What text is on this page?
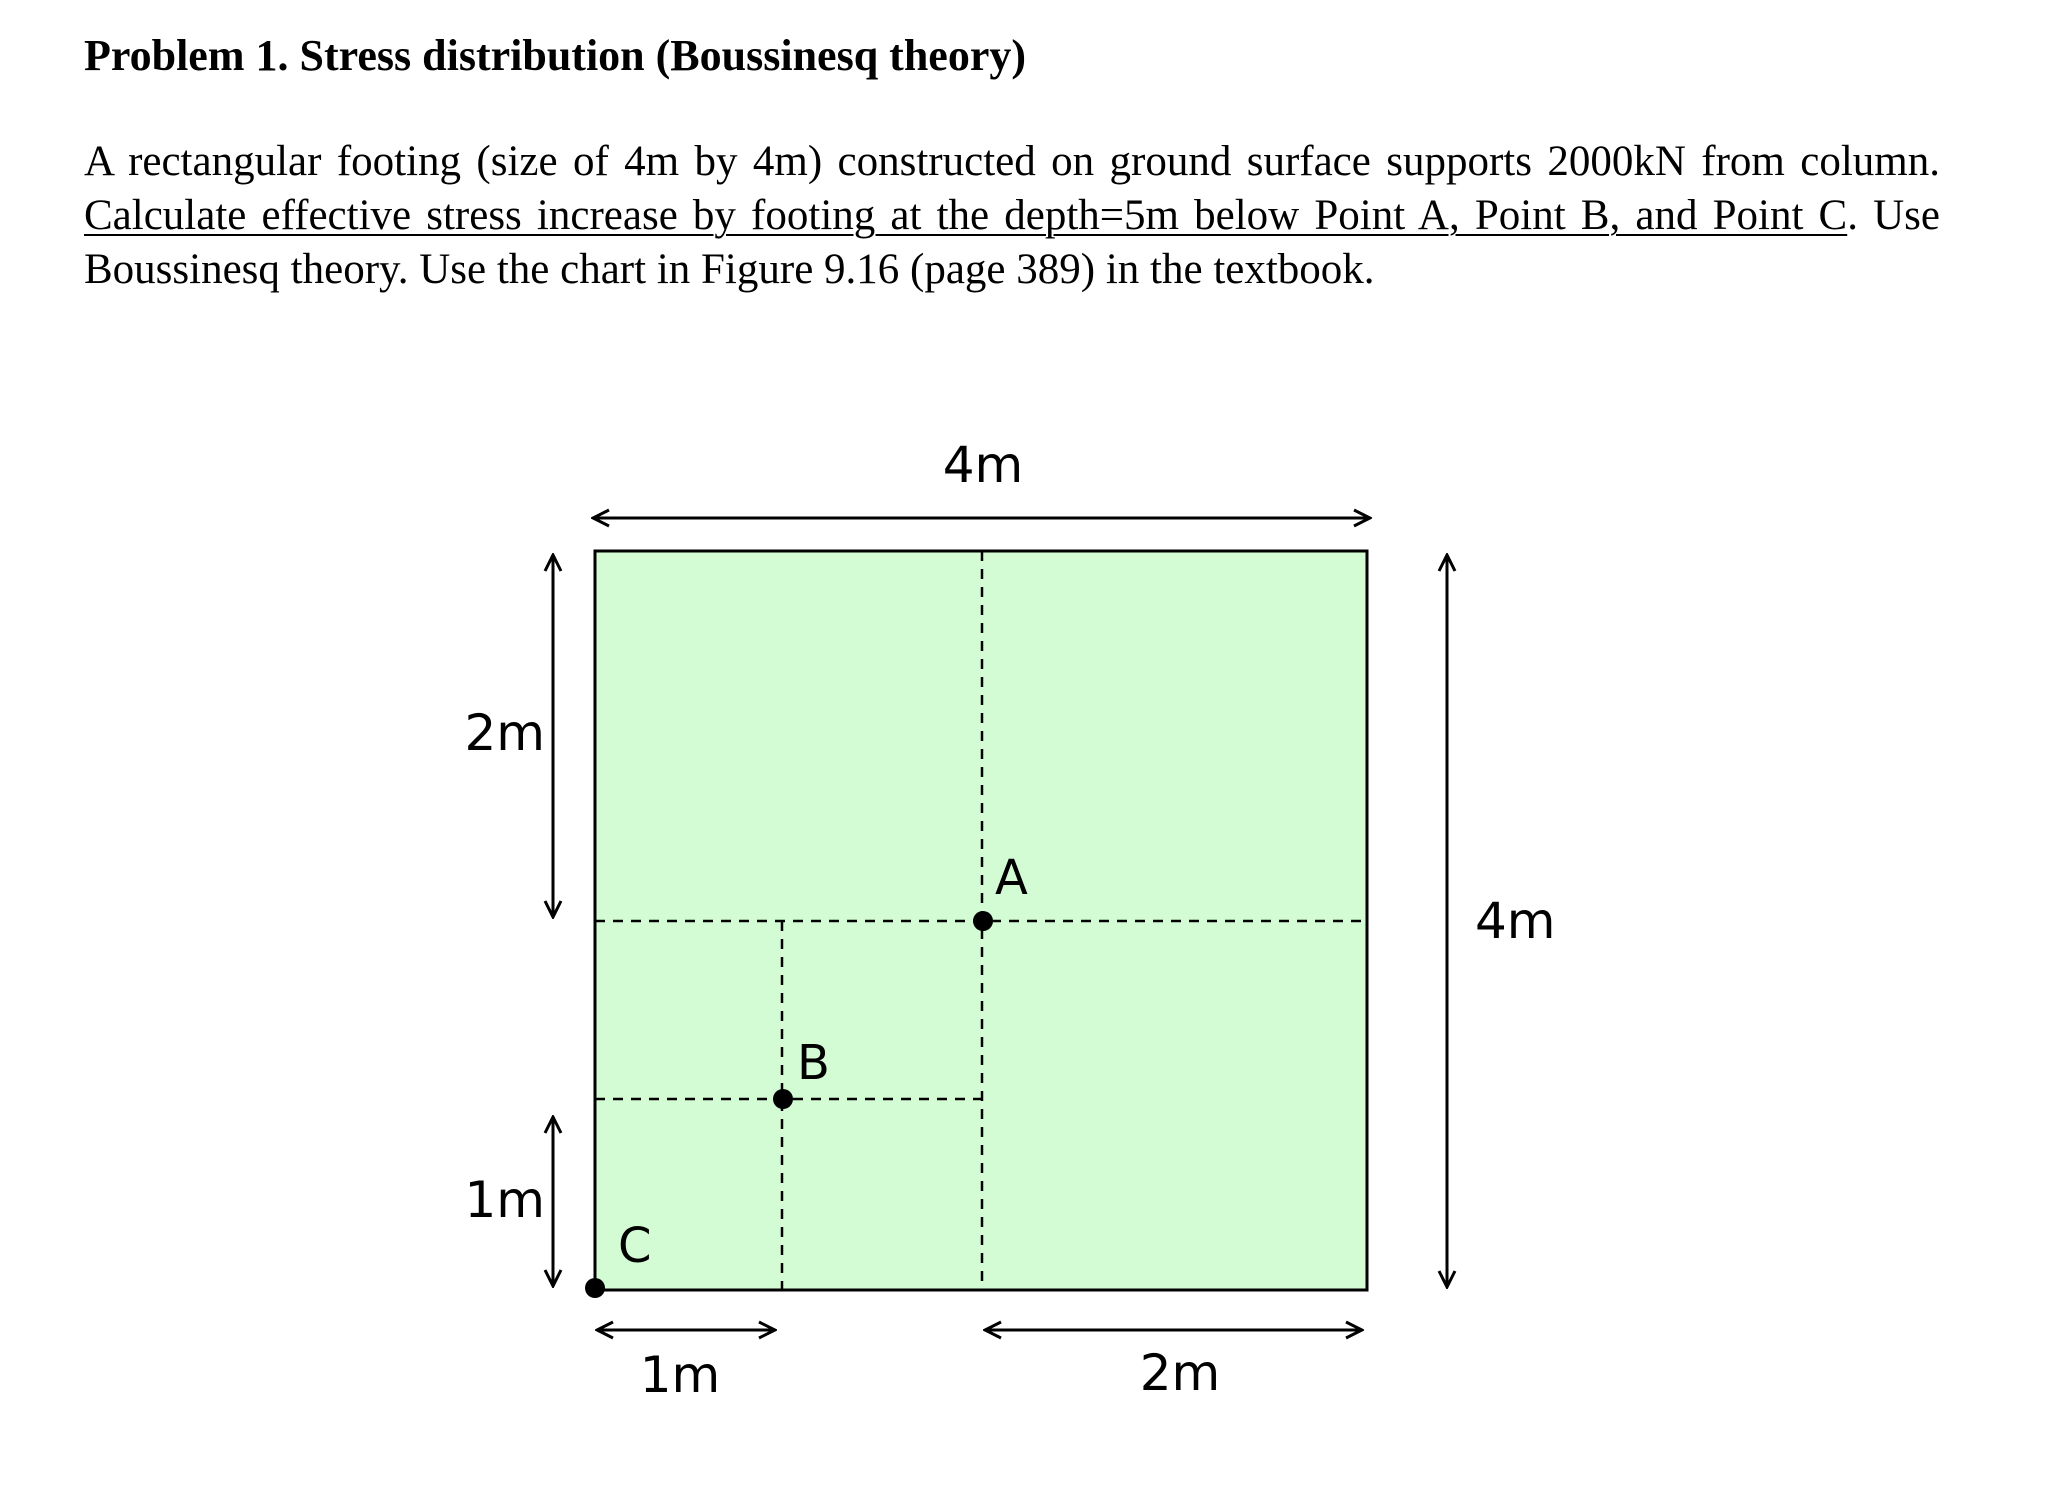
Problem 1. Stress distribution (Boussinesq theory)

A rectangular footing (size of 4m by 4m) constructed on ground surface supports 2000kN from column. Calculate effective stress increase by footing at the depth=5m below Point A, Point B, and Point C. Use Boussinesq theory. Use the chart in Figure 9.16 (page 389) in the textbook.

A
B
C
4m
4m
2m
1m
1m	2m
